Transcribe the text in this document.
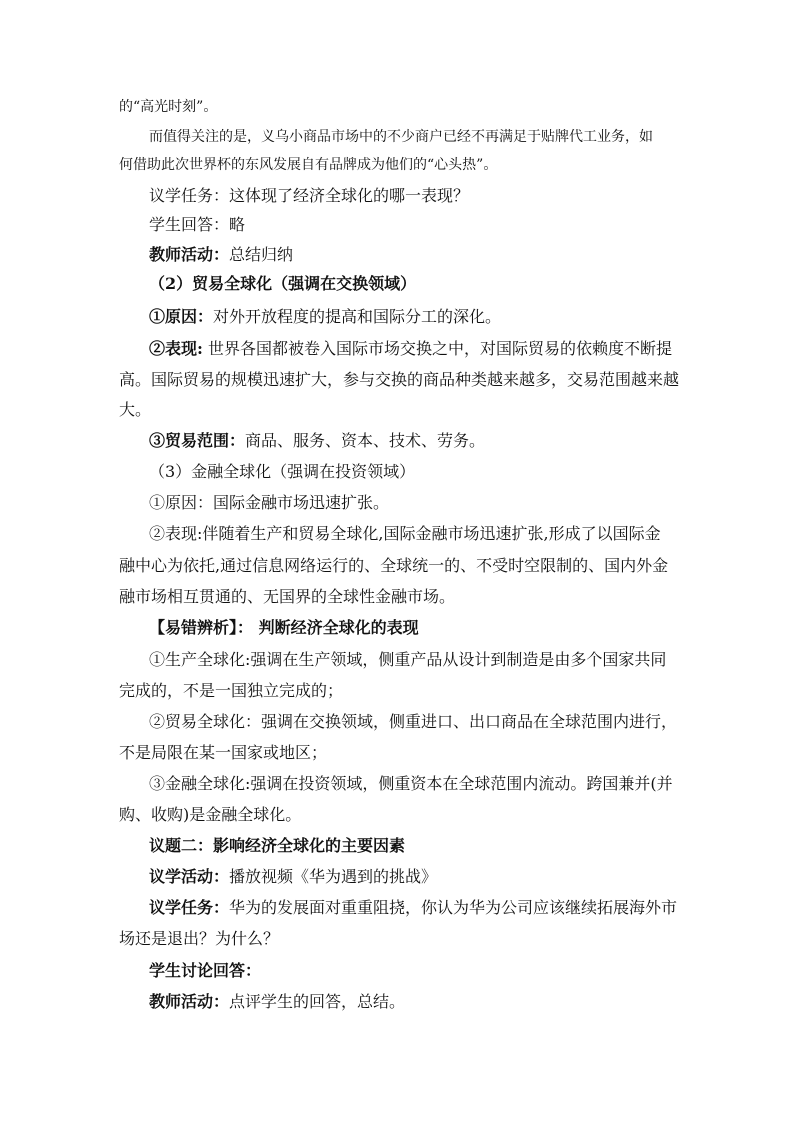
的“高光时刻”。

而值得关注的是，义乌小商品市场中的不少商户已经不再满足于贴牌代工业务，如

何借助此次世界杯的东风发展自有品牌成为他们的“心头热”。

议学任务：这体现了经济全球化的哪一表现？

学生回答：略

教师活动：总结归纳

（2）贸易全球化（强调在交换领域）

①原因：对外开放程度的提高和国际分工的深化。

②表现: 世界各国都被卷入国际市场交换之中，对国际贸易的依赖度不断提

高。国际贸易的规模迅速扩大，参与交换的商品种类越来越多，交易范围越来越

大。

③贸易范围：商品、服务、资本、技术、劳务。

（3）金融全球化（强调在投资领域）

①原因：国际金融市场迅速扩张。

②表现:伴随着生产和贸易全球化,国际金融市场迅速扩张,形成了以国际金

融中心为依托,通过信息网络运行的、全球统一的、不受时空限制的、国内外金

融市场相互贯通的、无国界的全球性金融市场。

【易错辨析】： 判断经济全球化的表现

①生产全球化:强调在生产领域，侧重产品从设计到制造是由多个国家共同

完成的，不是一国独立完成的；

②贸易全球化：强调在交换领域，侧重进口、出口商品在全球范围内进行，

不是局限在某一国家或地区；

③金融全球化:强调在投资领域，侧重资本在全球范围内流动。跨国兼并(并

购、收购)是金融全球化。

议题二：影响经济全球化的主要因素

议学活动：播放视频《华为遇到的挑战》

议学任务：华为的发展面对重重阻挠，你认为华为公司应该继续拓展海外市

场还是退出？为什么？

学生讨论回答：

教师活动：点评学生的回答，总结。
